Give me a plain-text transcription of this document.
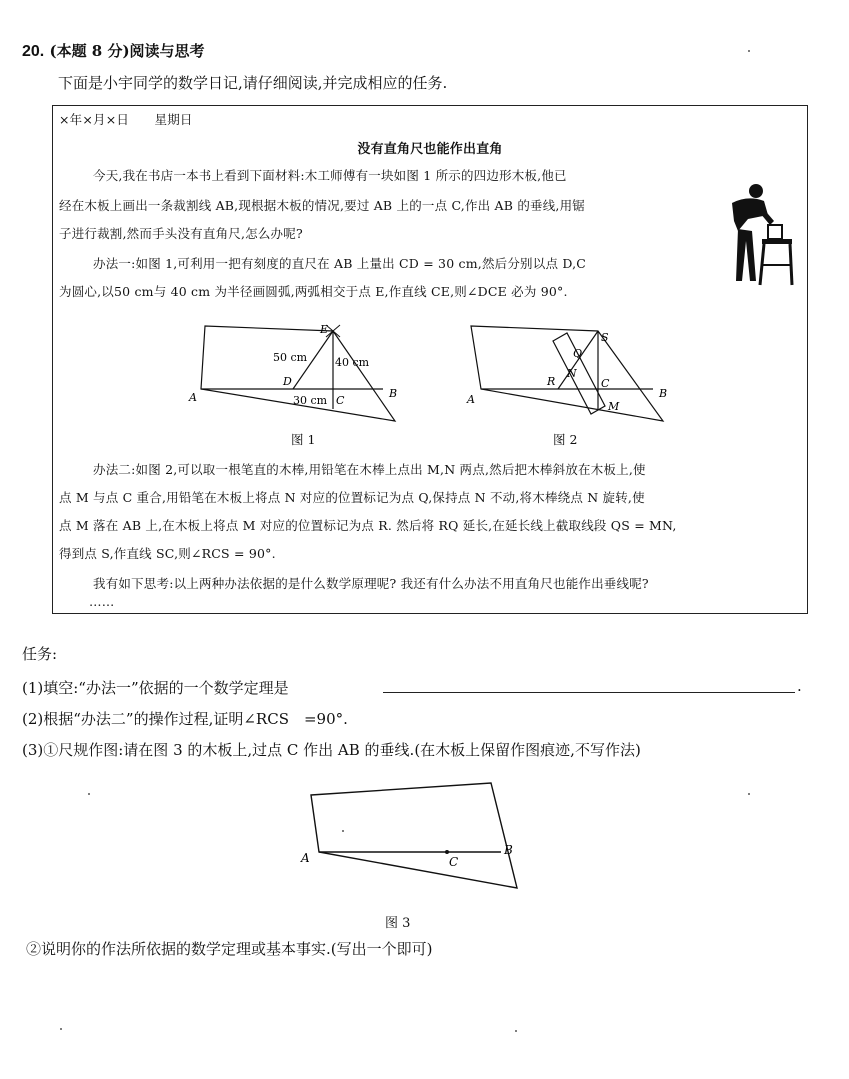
20. (本题 8 分)阅读与思考
下面是小宇同学的数学日记,请仔细阅读,并完成相应的任务.
×年×月×日　　星期日
没有直角尺也能作出直角
今天,我在书店一本书上看到下面材料:木工师傅有一块如图 1 所示的四边形木板,他已
经在木板上画出一条裁割线 AB,现根据木板的情况,要过 AB 上的一点 C,作出 AB 的垂线,用锯
子进行裁割,然而手头没有直角尺,怎么办呢?
办法一:如图 1,可利用一把有刻度的直尺在 AB 上量出 CD = 30 cm,然后分别以点 D,C
为圆心,以50 cm与 40 cm 为半径画圆弧,两弧相交于点 E,作直线 CE,则∠DCE 必为 90°.
E
D
C
A	B
50 cm	40 cm
30 cm
图 1
S
Q
N
R	C
M
A	B
图 2
办法二:如图 2,可以取一根笔直的木棒,用铅笔在木棒上点出 M,N 两点,然后把木棒斜放在木板上,使
点 M 与点 C 重合,用铅笔在木板上将点 N 对应的位置标记为点 Q,保持点 N 不动,将木棒绕点 N 旋转,使
点 M 落在 AB 上,在木板上将点 M 对应的位置标记为点 R. 然后将 RQ 延长,在延长线上截取线段 QS = MN,
得到点 S,作直线 SC,则∠RCS = 90°.
我有如下思考:以上两种办法依据的是什么数学原理呢? 我还有什么办法不用直角尺也能作出垂线呢?
……
任务:
(1)填空:“办法一”依据的一个数学定理是	.
(2)根据“办法二”的操作过程,证明∠RCS　=90°.
(3)①尺规作图:请在图 3 的木板上,过点 C 作出 AB 的垂线.(在木板上保留作图痕迹,不写作法)
A
B
C
图 3
②说明你的作法所依据的数学定理或基本事实.(写出一个即可)
